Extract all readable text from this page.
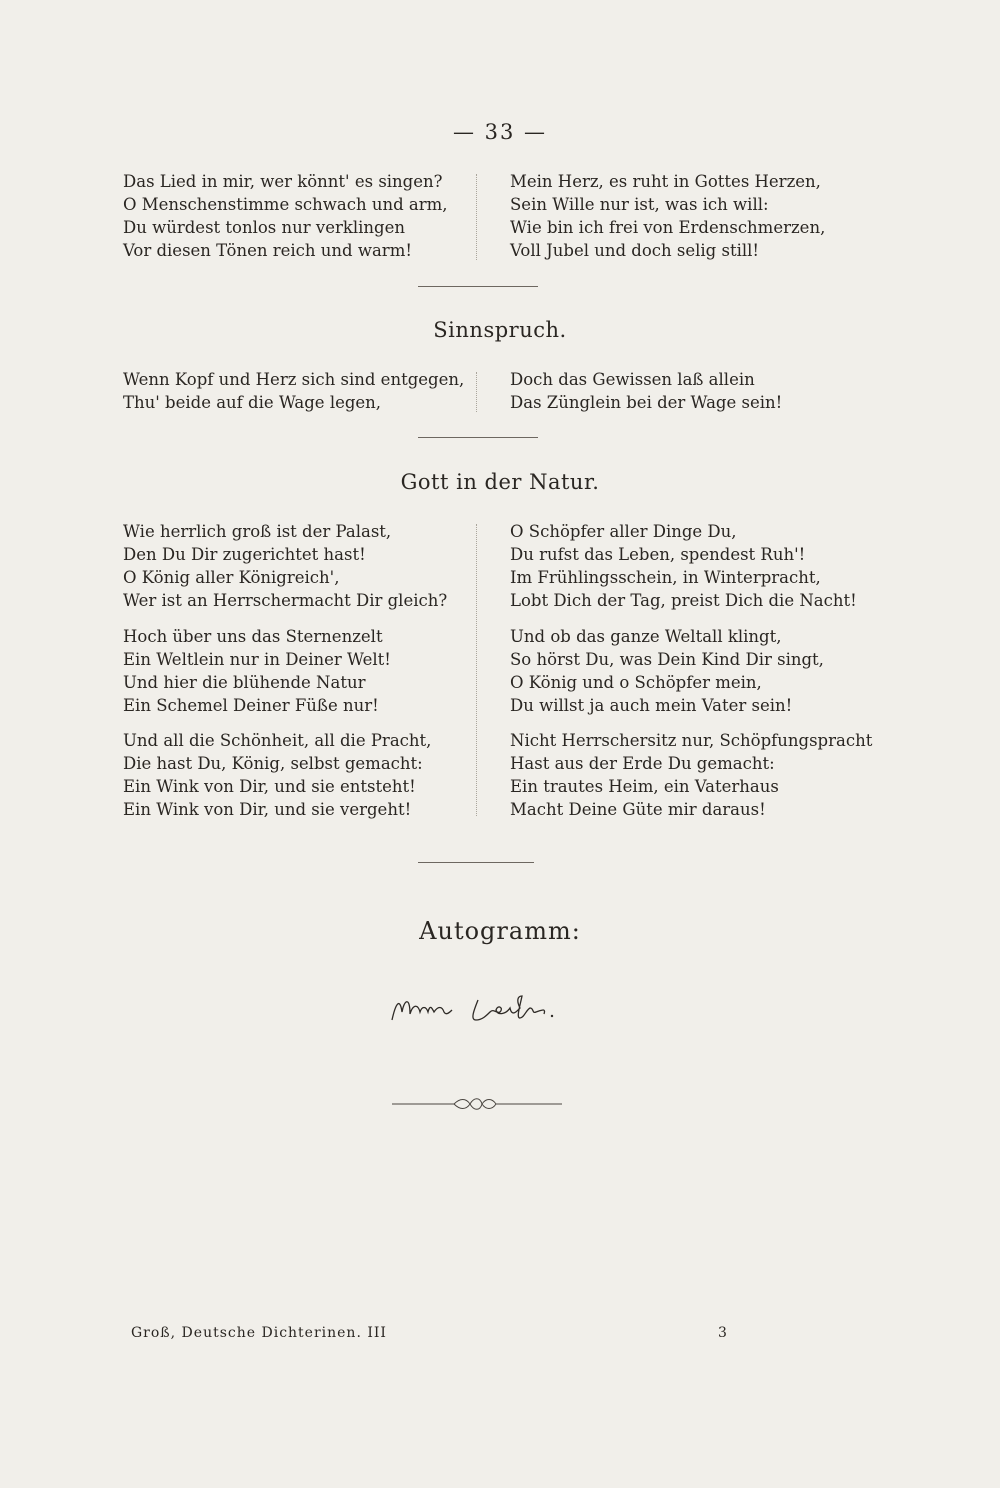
— 33 —
Das Lied in mir, wer könnt' es singen?
O Menschenstimme schwach und arm,
Du würdest tonlos nur verklingen
Vor diesen Tönen reich und warm!
Mein Herz, es ruht in Gottes Herzen,
Sein Wille nur ist, was ich will:
Wie bin ich frei von Erdenschmerzen,
Voll Jubel und doch selig still!
Sinnspruch.
Wenn Kopf und Herz sich sind entgegen,
Thu' beide auf die Wage legen,
Doch das Gewissen laß allein
Das Zünglein bei der Wage sein!
Gott in der Natur.
Wie herrlich groß ist der Palast,
Den Du Dir zugerichtet hast!
O König aller Königreich',
Wer ist an Herrschermacht Dir gleich?
O Schöpfer aller Dinge Du,
Du rufst das Leben, spendest Ruh'!
Im Frühlingsschein, in Winterpracht,
Lobt Dich der Tag, preist Dich die Nacht!
Hoch über uns das Sternenzelt
Ein Weltlein nur in Deiner Welt!
Und hier die blühende Natur
Ein Schemel Deiner Füße nur!
Und ob das ganze Weltall klingt,
So hörst Du, was Dein Kind Dir singt,
O König und o Schöpfer mein,
Du willst ja auch mein Vater sein!
Und all die Schönheit, all die Pracht,
Die hast Du, König, selbst gemacht:
Ein Wink von Dir, und sie entsteht!
Ein Wink von Dir, und sie vergeht!
Nicht Herrschersitz nur, Schöpfungspracht
Hast aus der Erde Du gemacht:
Ein trautes Heim, ein Vaterhaus
Macht Deine Güte mir daraus!
Autogramm:
Groß, Deutsche Dichterinen. III	3
